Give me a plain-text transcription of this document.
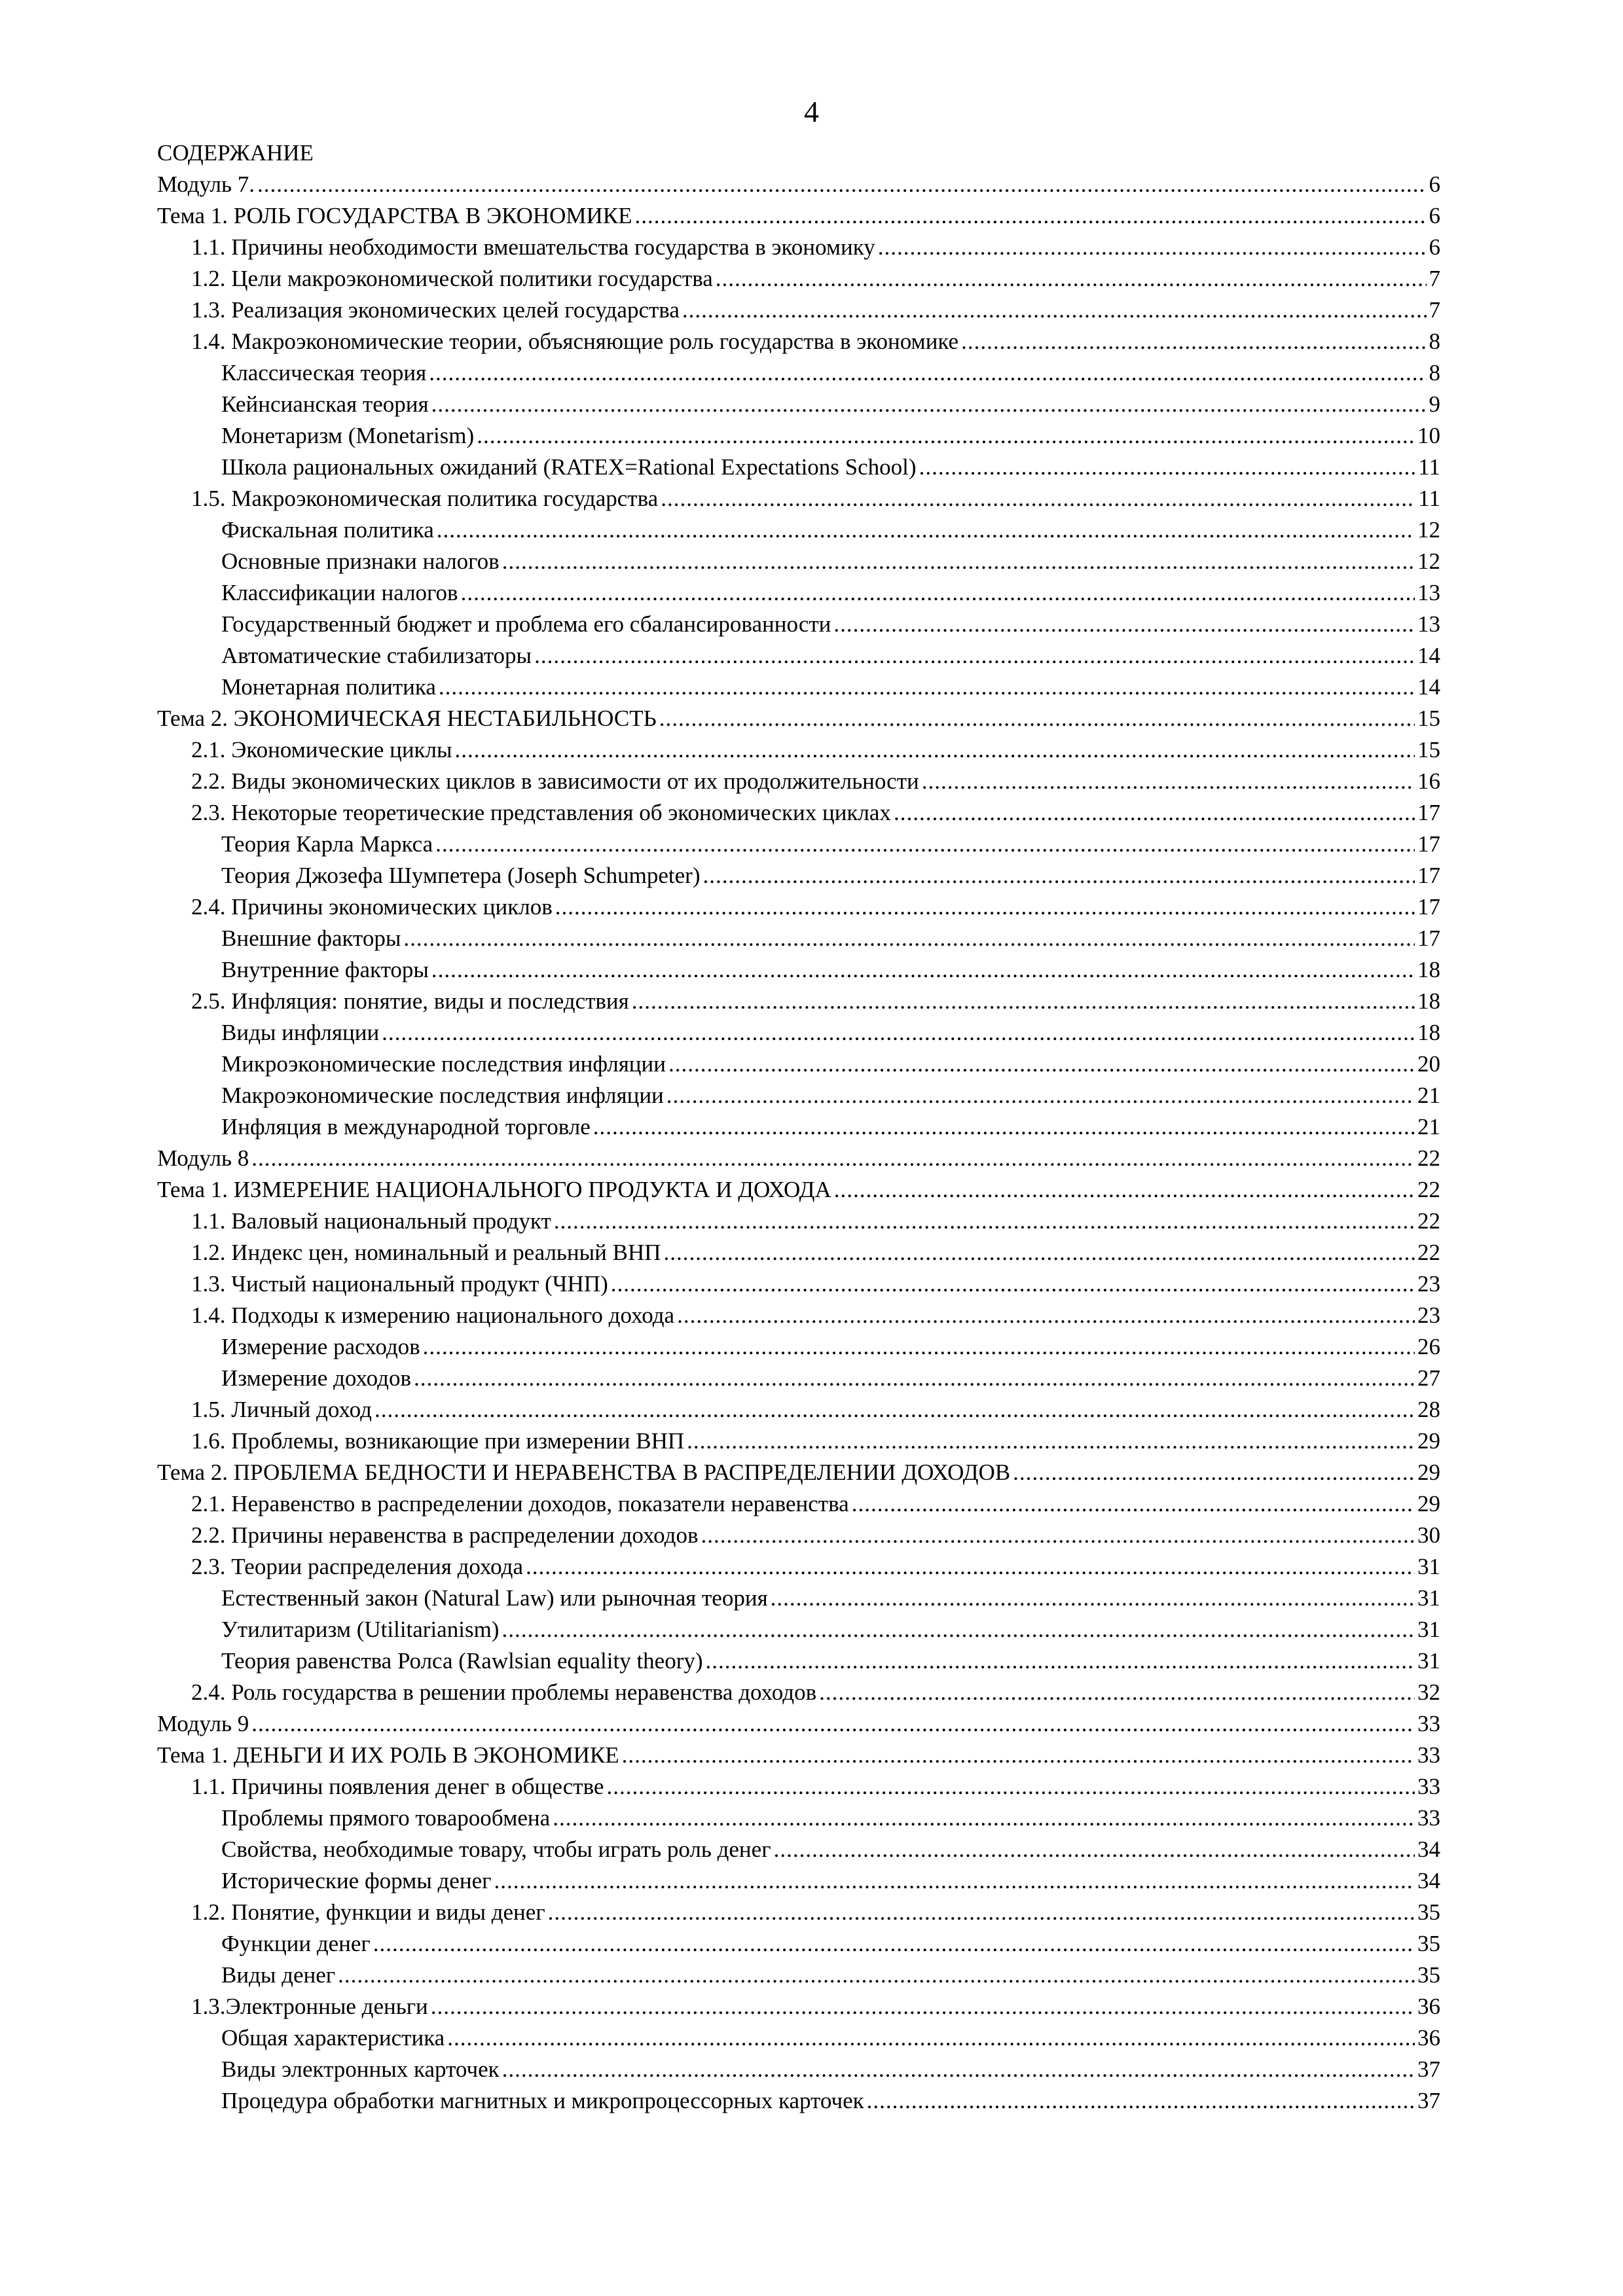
4
СОДЕРЖАНИЕ
Модуль 7. .....	6
Тема 1. РОЛЬ ГОСУДАРСТВА В ЭКОНОМИКЕ .....	6
1.1. Причины необходимости вмешательства государства в экономику .....	6
1.2. Цели макроэкономической политики государства .....	7
1.3. Реализация экономических целей государства .....	7
1.4. Макроэкономические теории, объясняющие роль государства в экономике .....	8
Классическая теория .....	8
Кейнсианская теория .....	9
Монетаризм (Monetarism) .....	10
Школа рациональных ожиданий (RATEX=Rational Expectations School) .....	11
1.5. Макроэкономическая политика государства .....	11
Фискальная политика .....	12
Основные признаки налогов .....	12
Классификации налогов .....	13
Государственный бюджет и проблема его сбалансированности .....	13
Автоматические стабилизаторы .....	14
Монетарная политика .....	14
Тема 2. ЭКОНОМИЧЕСКАЯ НЕСТАБИЛЬНОСТЬ .....	15
2.1. Экономические циклы .....	15
2.2. Виды экономических циклов в зависимости от их продолжительности .....	16
2.3. Некоторые теоретические представления об экономических циклах .....	17
Теория Карла Маркса .....	17
Теория Джозефа Шумпетера (Joseph Schumpeter) .....	17
2.4. Причины экономических циклов .....	17
Внешние факторы .....	17
Внутренние факторы .....	18
2.5. Инфляция: понятие, виды и последствия .....	18
Виды инфляции .....	18
Микроэкономические последствия инфляции .....	20
Макроэкономические последствия инфляции .....	21
Инфляция в международной торговле .....	21
Модуль 8 .....	22
Тема 1. ИЗМЕРЕНИЕ НАЦИОНАЛЬНОГО ПРОДУКТА И ДОХОДА .....	22
1.1. Валовый национальный продукт .....	22
1.2. Индекс цен, номинальный и реальный ВНП .....	22
1.3. Чистый национальный продукт (ЧНП) .....	23
1.4. Подходы к измерению национального дохода .....	23
Измерение расходов .....	26
Измерение доходов .....	27
1.5. Личный доход .....	28
1.6. Проблемы, возникающие при измерении ВНП .....	29
Тема 2. ПРОБЛЕМА БЕДНОСТИ И НЕРАВЕНСТВА В РАСПРЕДЕЛЕНИИ ДОХОДОВ .....	29
2.1. Неравенство в распределении доходов, показатели неравенства .....	29
2.2. Причины неравенства в распределении доходов .....	30
2.3. Теории распределения дохода .....	31
Естественный закон (Natural Law) или рыночная теория .....	31
Утилитаризм (Utilitarianism) .....	31
Теория равенства Ролса (Rawlsian equality theory) .....	31
2.4. Роль государства в решении проблемы неравенства доходов .....	32
Модуль 9 .....	33
Тема 1. ДЕНЬГИ И ИХ РОЛЬ В ЭКОНОМИКЕ .....	33
1.1. Причины появления денег в обществе .....	33
Проблемы прямого товарообмена .....	33
Свойства, необходимые товару, чтобы играть роль денег .....	34
Исторические формы денег .....	34
1.2. Понятие, функции и виды денег .....	35
Функции денег .....	35
Виды денег .....	35
1.3.Электронные деньги .....	36
Общая характеристика .....	36
Виды электронных карточек .....	37
Процедура обработки магнитных и микропроцессорных карточек .....	37
